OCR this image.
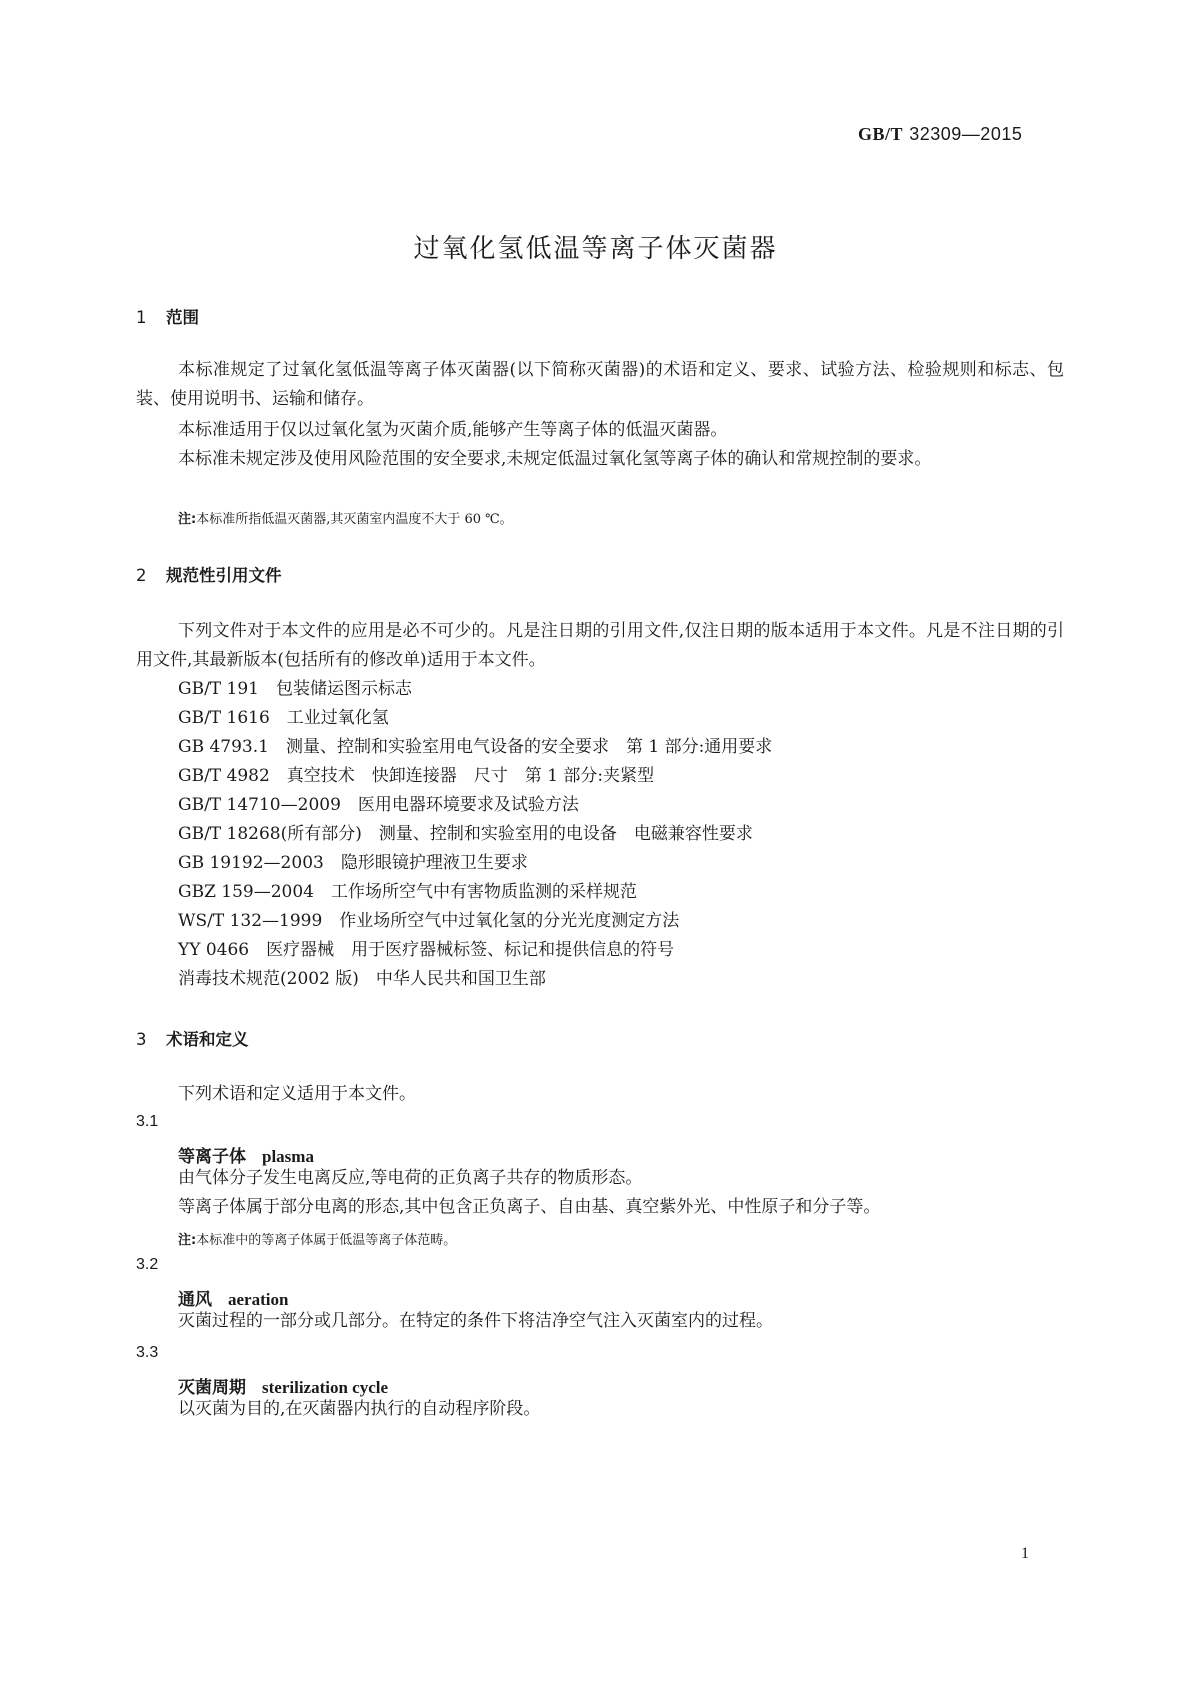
GB/T 32309—2015
过氧化氢低温等离子体灭菌器
1 范围
本标准规定了过氧化氢低温等离子体灭菌器(以下简称灭菌器)的术语和定义、要求、试验方法、检验规则和标志、包装、使用说明书、运输和储存。
本标准适用于仅以过氧化氢为灭菌介质,能够产生等离子体的低温灭菌器。
本标准未规定涉及使用风险范围的安全要求,未规定低温过氧化氢等离子体的确认和常规控制的要求。
注:本标准所指低温灭菌器,其灭菌室内温度不大于 60 ℃。
2 规范性引用文件
下列文件对于本文件的应用是必不可少的。凡是注日期的引用文件,仅注日期的版本适用于本文件。凡是不注日期的引用文件,其最新版本(包括所有的修改单)适用于本文件。
GB/T 191　包装储运图示标志
GB/T 1616　工业过氧化氢
GB 4793.1　测量、控制和实验室用电气设备的安全要求　第 1 部分:通用要求
GB/T 4982　真空技术　快卸连接器　尺寸　第 1 部分:夹紧型
GB/T 14710—2009　医用电器环境要求及试验方法
GB/T 18268(所有部分)　测量、控制和实验室用的电设备　电磁兼容性要求
GB 19192—2003　隐形眼镜护理液卫生要求
GBZ 159—2004　工作场所空气中有害物质监测的采样规范
WS/T 132—1999　作业场所空气中过氧化氢的分光光度测定方法
YY 0466　医疗器械　用于医疗器械标签、标记和提供信息的符号
消毒技术规范(2002 版)　中华人民共和国卫生部
3 术语和定义
下列术语和定义适用于本文件。
3.1
等离子体 plasma
由气体分子发生电离反应,等电荷的正负离子共存的物质形态。
等离子体属于部分电离的形态,其中包含正负离子、自由基、真空紫外光、中性原子和分子等。
注:本标准中的等离子体属于低温等离子体范畴。
3.2
通风 aeration
灭菌过程的一部分或几部分。在特定的条件下将洁净空气注入灭菌室内的过程。
3.3
灭菌周期 sterilization cycle
以灭菌为目的,在灭菌器内执行的自动程序阶段。
1
